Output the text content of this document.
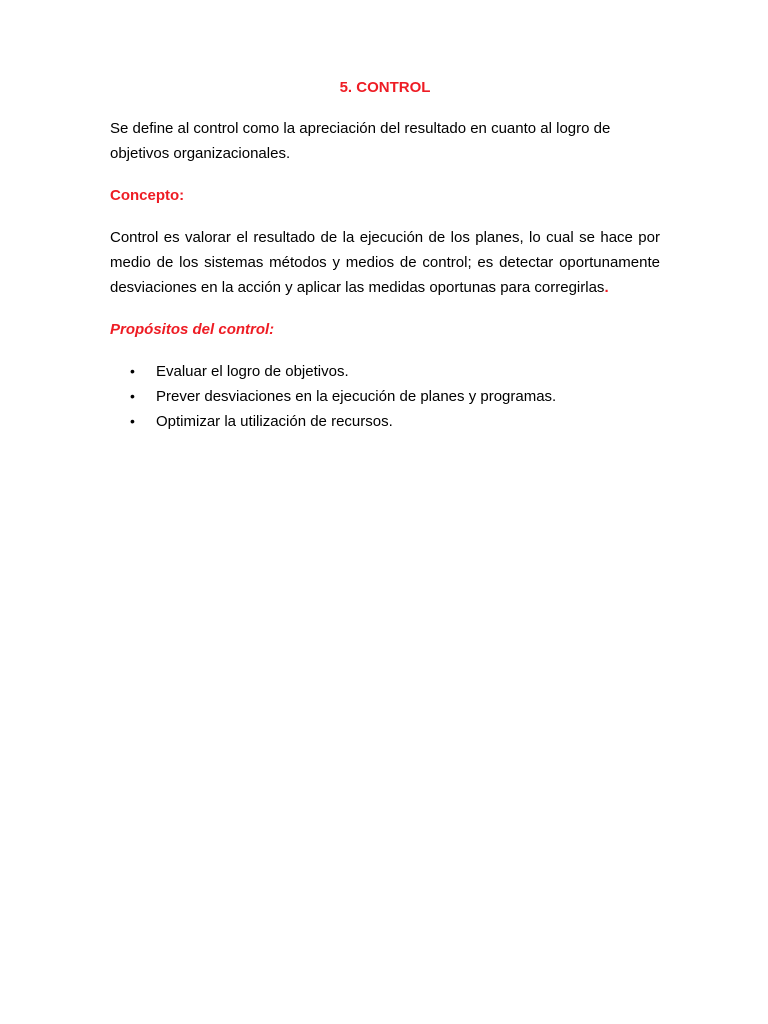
5. CONTROL

Se define al control como la apreciación del resultado en cuanto al logro de objetivos organizacionales.

Concepto:

Control es valorar el resultado de la ejecución de los planes, lo cual se hace por medio de los sistemas métodos y medios de control; es detectar oportunamente desviaciones en la acción y aplicar las medidas oportunas para corregirlas.

Propósitos del control:

• Evaluar el logro de objetivos.
• Prever desviaciones en la ejecución de planes y programas.
• Optimizar la utilización de recursos.
